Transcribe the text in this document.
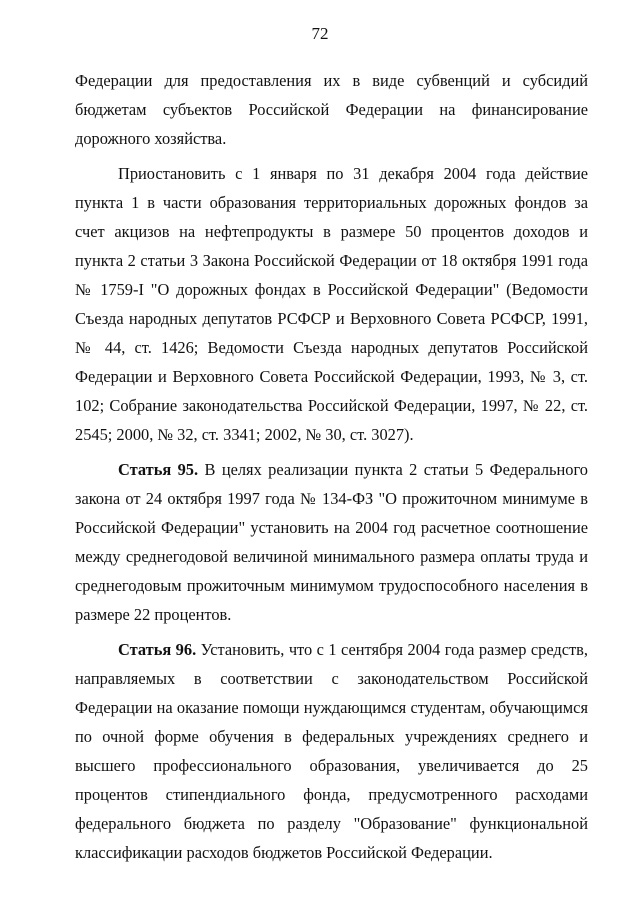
72

Федерации для предоставления их в виде субвенций и субсидий бюджетам субъектов Российской Федерации на финансирование дорожного хозяйства.

Приостановить с 1 января по 31 декабря 2004 года действие пункта 1 в части образования территориальных дорожных фондов за счет акцизов на нефтепродукты в размере 50 процентов доходов и пункта 2 статьи 3 Закона Российской Федерации от 18 октября 1991 года № 1759-I "О дорожных фондах в Российской Федерации" (Ведомости Съезда народных депутатов РСФСР и Верховного Совета РСФСР, 1991, № 44, ст. 1426; Ведомости Съезда народных депутатов Российской Федерации и Верховного Совета Российской Федерации, 1993, № 3, ст. 102; Собрание законодательства Российской Федерации, 1997, № 22, ст. 2545; 2000, № 32, ст. 3341; 2002, № 30, ст. 3027).

Статья 95. В целях реализации пункта 2 статьи 5 Федерального закона от 24 октября 1997 года № 134-ФЗ "О прожиточном минимуме в Российской Федерации" установить на 2004 год расчетное соотношение между среднегодовой величиной минимального размера оплаты труда и среднегодовым прожиточным минимумом трудоспособного населения в размере 22 процентов.

Статья 96. Установить, что с 1 сентября 2004 года размер средств, направляемых в соответствии с законодательством Российской Федерации на оказание помощи нуждающимся студентам, обучающимся по очной форме обучения в федеральных учреждениях среднего и высшего профессионального образования, увеличивается до 25 процентов стипендиального фонда, предусмотренного расходами федерального бюджета по разделу "Образование" функциональной классификации расходов бюджетов Российской Федерации.
